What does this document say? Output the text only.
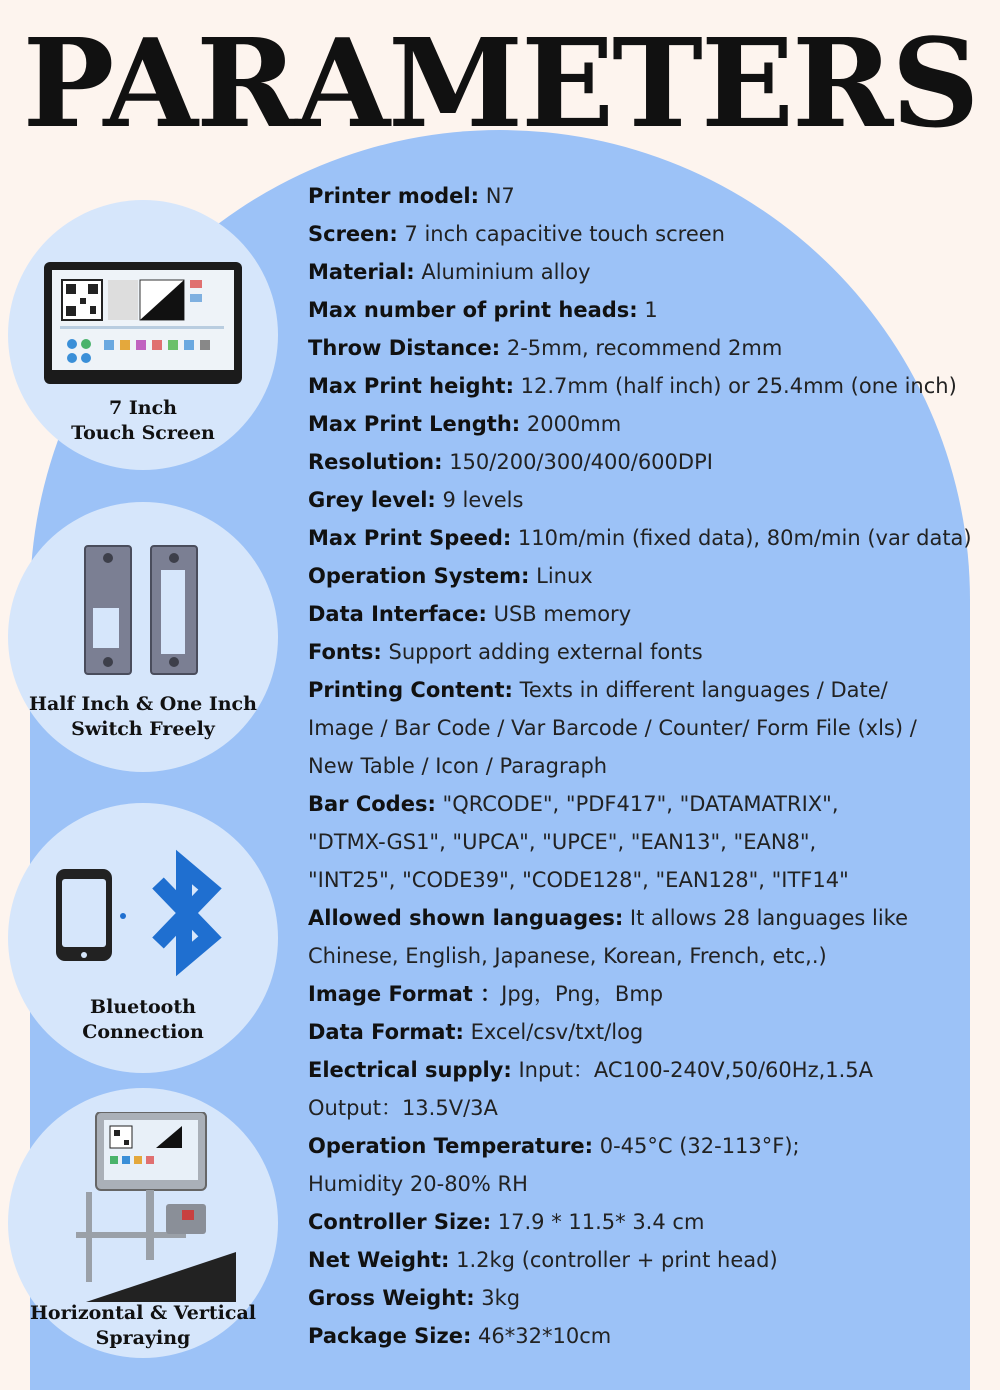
PARAMETERS
7 Inch
Touch Screen
Half Inch & One Inch
Switch Freely
Bluetooth
Connection
Horizontal & Vertical
Spraying
Printer model: N7
Screen: 7 inch capacitive touch screen
Material: Aluminium alloy
Max number of print heads: 1
Throw Distance: 2-5mm, recommend 2mm
Max Print height: 12.7mm (half inch) or 25.4mm (one inch)
Max Print Length: 2000mm
Resolution: 150/200/300/400/600DPI
Grey level: 9 levels
Max Print Speed: 110m/min (fixed data), 80m/min (var data)
Operation System: Linux
Data Interface: USB memory
Fonts: Support adding external fonts
Printing Content: Texts in different languages / Date/
Image / Bar Code / Var Barcode / Counter/ Form File (xls) /
New Table / Icon / Paragraph
Bar Codes: "QRCODE", "PDF417", "DATAMATRIX",
"DTMX-GS1", "UPCA", "UPCE", "EAN13", "EAN8",
"INT25", "CODE39", "CODE128", "EAN128", "ITF14"
Allowed shown languages: It allows 28 languages like
Chinese, English, Japanese, Korean, French, etc,.)
Image Format ：Jpg，Png，Bmp
Data Format: Excel/csv/txt/log
Electrical supply: Input：AC100-240V,50/60Hz,1.5A
Output：13.5V/3A
Operation Temperature: 0-45°C (32-113°F);
Humidity 20-80% RH
Controller Size: 17.9 * 11.5* 3.4 cm
Net Weight: 1.2kg (controller + print head)
Gross Weight: 3kg
Package Size: 46*32*10cm
